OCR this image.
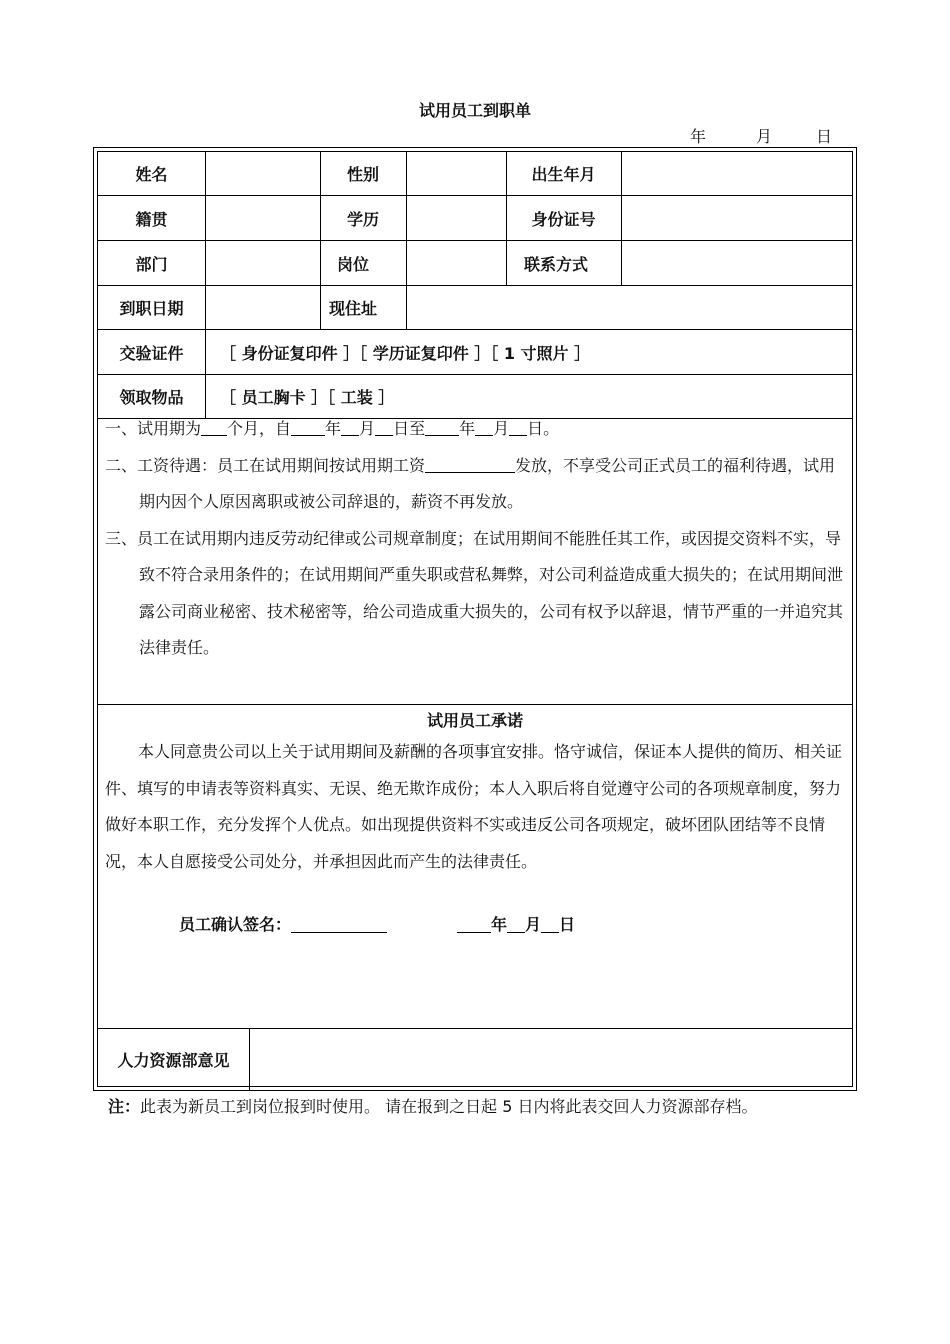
试用员工到职单
年	月	日
姓名	性别	出生年月
籍贯	学历	身份证号
部门	岗位	联系方式
到职日期	现住址
交验证件	［ 身份证复印件 ］［ 学历证复印件 ］［ 1 寸照片 ］
领取物品	［ 员工胸卡 ］［ 工装 ］

一、试用期为 个月，自 年 月 日至 年 月 日。

二、工资待遇：员工在试用期间按试用期工资	发放，不享受公司正式员工的福利待遇，试用期内因个人原因离职或被公司辞退的，薪资不再发放。

三、员工在试用期内违反劳动纪律或公司规章制度；在试用期间不能胜任其工作，或因提交资料不实，导致不符合录用条件的；在试用期间严重失职或营私舞弊，对公司利益造成重大损失的；在试用期间泄露公司商业秘密、技术秘密等，给公司造成重大损失的，公司有权予以辞退，情节严重的一并追究其法律责任。

试用员工承诺
本人同意贵公司以上关于试用期间及薪酬的各项事宜安排。恪守诚信，保证本人提供的简历、相关证件、填写的申请表等资料真实、无误、绝无欺诈成份；本人入职后将自觉遵守公司的各项规章制度，努力做好本职工作，充分发挥个人优点。如出现提供资料不实或违反公司各项规定，破坏团队团结等不良情况，本人自愿接受公司处分，并承担因此而产生的法律责任。
员工确认签名：	年 月 日
人力资源部意见
注：此表为新员工到岗位报到时使用。 请在报到之日起 5 日内将此表交回人力资源部存档。
